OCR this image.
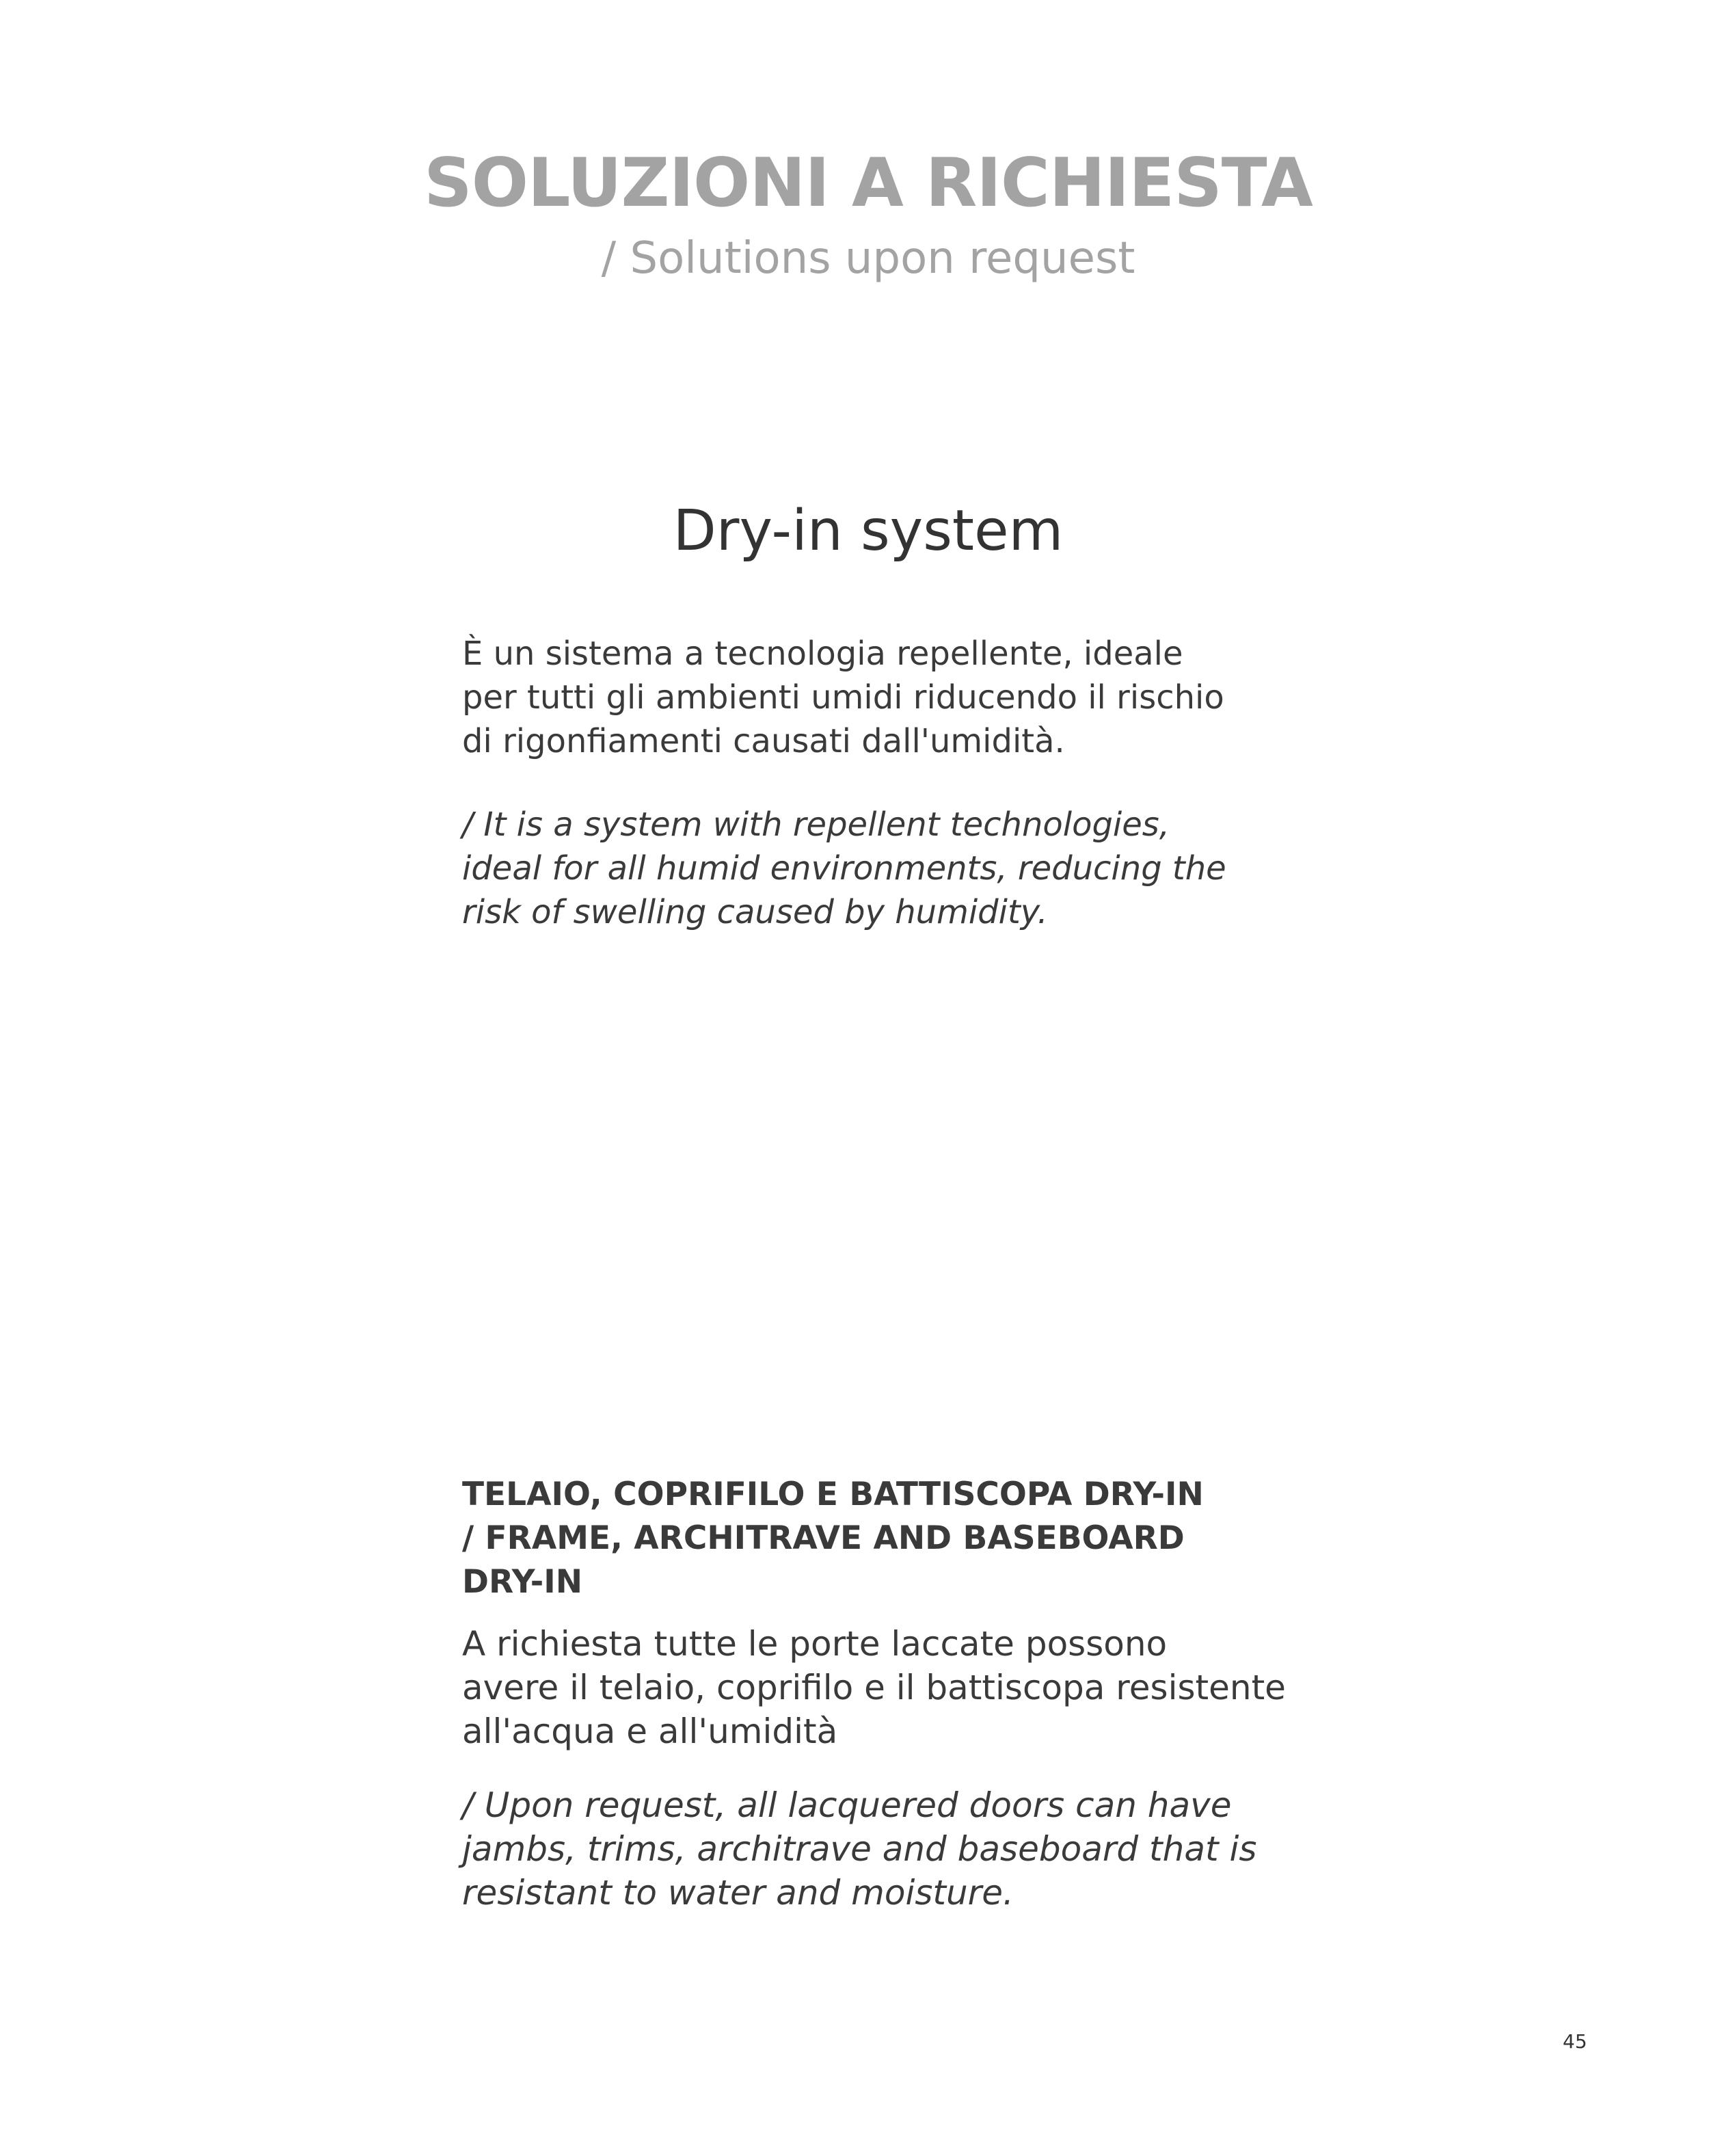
SOLUZIONI A RICHIESTA
/ Solutions upon request
Dry-in system

È un sistema a tecnologia repellente, ideale
per tutti gli ambienti umidi riducendo il rischio
di rigonfiamenti causati dall'umidità.

/ It is a system with repellent technologies,
ideal for all humid environments, reducing the
risk of swelling caused by humidity.

TELAIO, COPRIFILO E BATTISCOPA DRY-IN
/ FRAME, ARCHITRAVE AND BASEBOARD
DRY-IN

A richiesta tutte le porte laccate possono
avere il telaio, coprifilo e il battiscopa resistente
all'acqua e all'umidità

/ Upon request, all lacquered doors can have
jambs, trims, architrave and baseboard that is
resistant to water and moisture.

45
